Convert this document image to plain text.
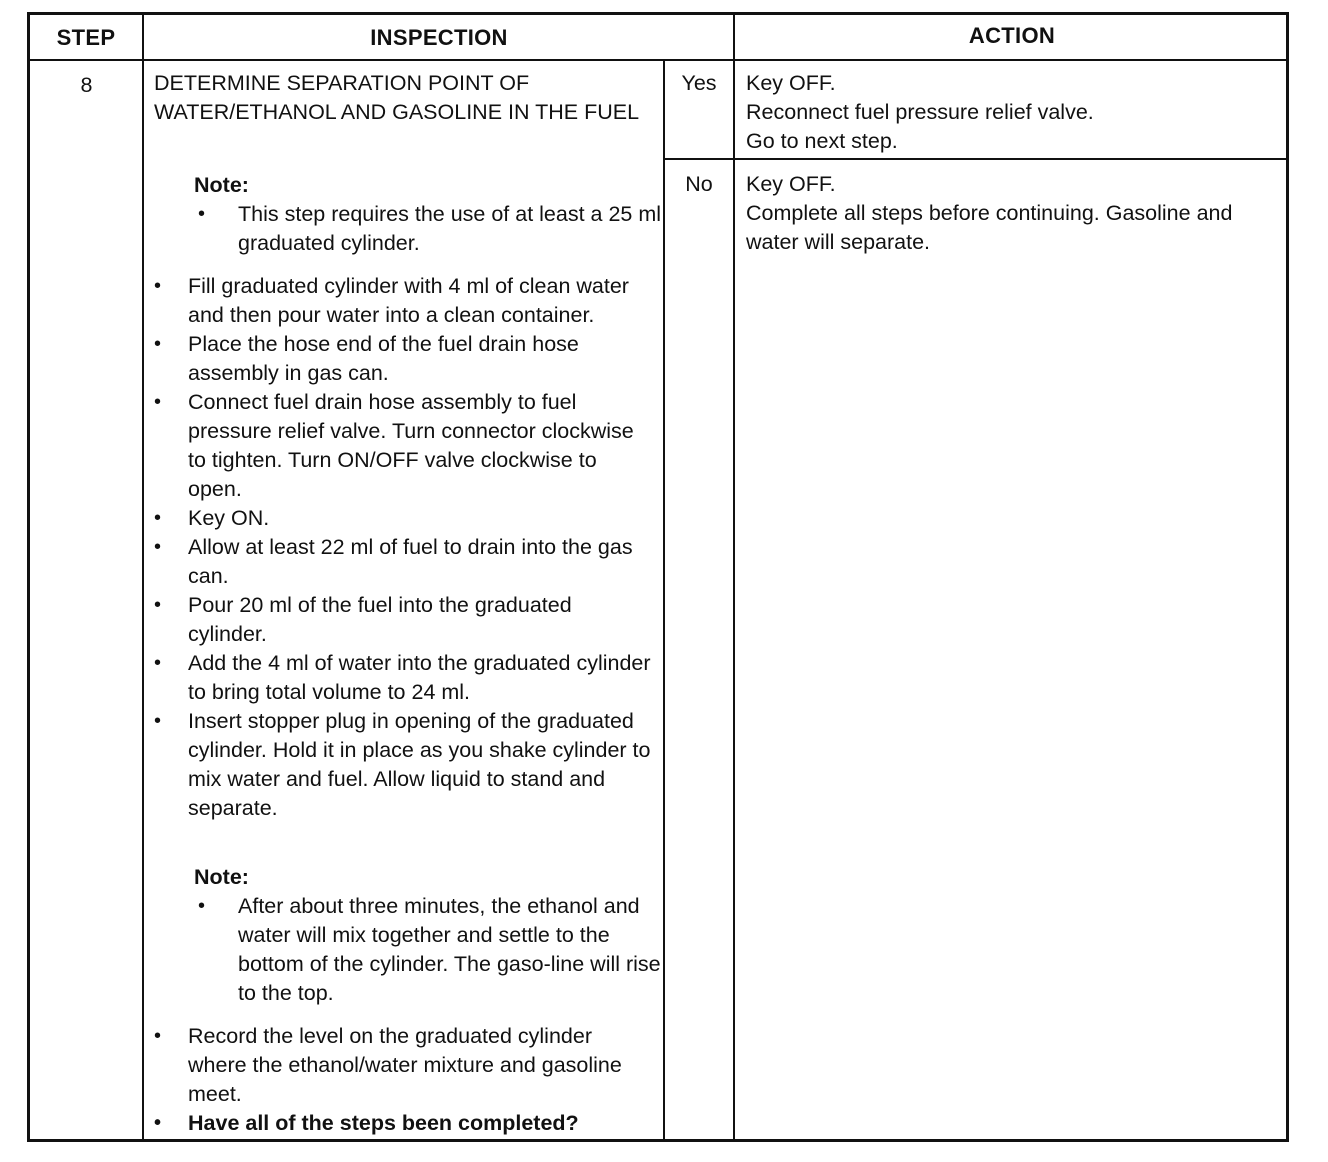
STEP	INSPECTION	ACTION
8	DETERMINE SEPARATION POINT OF WATER/ETHANOL AND GASOLINE IN THE FUEL
Note:
• This step requires the use of at least a 25 ml graduated cylinder.
• Fill graduated cylinder with 4 ml of clean water and then pour water into a clean container.
• Place the hose end of the fuel drain hose assembly in gas can.
• Connect fuel drain hose assembly to fuel pressure relief valve. Turn connector clockwise to tighten. Turn ON/OFF valve clockwise to open.
• Key ON.
• Allow at least 22 ml of fuel to drain into the gas can.
• Pour 20 ml of the fuel into the graduated cylinder.
• Add the 4 ml of water into the graduated cylinder to bring total volume to 24 ml.
• Insert stopper plug in opening of the graduated cylinder. Hold it in place as you shake cylinder to mix water and fuel. Allow liquid to stand and separate.
Note:
• After about three minutes, the ethanol and water will mix together and settle to the bottom of the cylinder. The gaso-line will rise to the top.
• Record the level on the graduated cylinder where the ethanol/water mixture and gasoline meet.
• Have all of the steps been completed?
Yes	Key OFF.
Reconnect fuel pressure relief valve.
Go to next step.
No	Key OFF.
Complete all steps before continuing. Gasoline and water will separate.
